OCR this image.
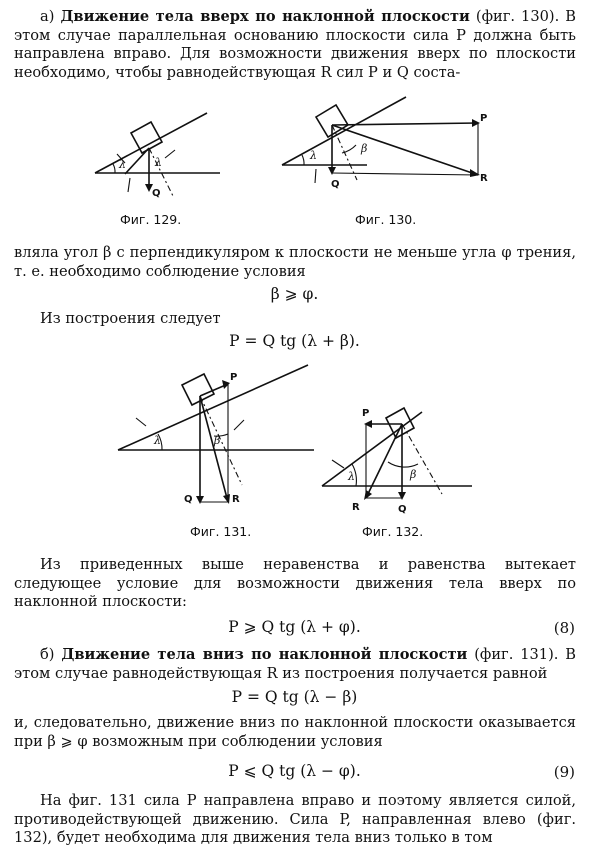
а) Движение тела вверх по наклонной плоскости (фиг. 130). В этом случае параллельная основанию плоскости сила P должна быть направлена вправо. Для возможности движения вверх по плоскости необходимо, чтобы равнодействующая R сил P и Q соста-

λ	λ
Q
λ
β
P
R
Q
Фиг. 129.	Фиг. 130.

вляла угол β с перпендикуляром к плоскости не меньше угла φ трения, т. е. необходимо соблюдение условия

β ⩾ φ.

Из построения следует

P = Q tg (λ + β).
λ	β
P
Q	R
λ	β
P
R	Q
Фиг. 131.	Фиг. 132.

Из приведенных выше неравенства и равенства вытекает следующее условие для возможности движения тела вверх по наклонной плоскости:

P ⩾ Q tg (λ + φ).	(8)

б) Движение тела вниз по наклонной плоскости (фиг. 131). В этом случае равнодействующая R из построения получается равной

P = Q tg (λ − β)

и, следовательно, движение вниз по наклонной плоскости оказывается при β ⩾ φ возможным при соблюдении условия

P ⩽ Q tg (λ − φ).	(9)

На фиг. 131 сила P направлена вправо и поэтому является силой, противодействующей движению. Сила P, направленная влево (фиг. 132), будет необходима для движения тела вниз только в том
